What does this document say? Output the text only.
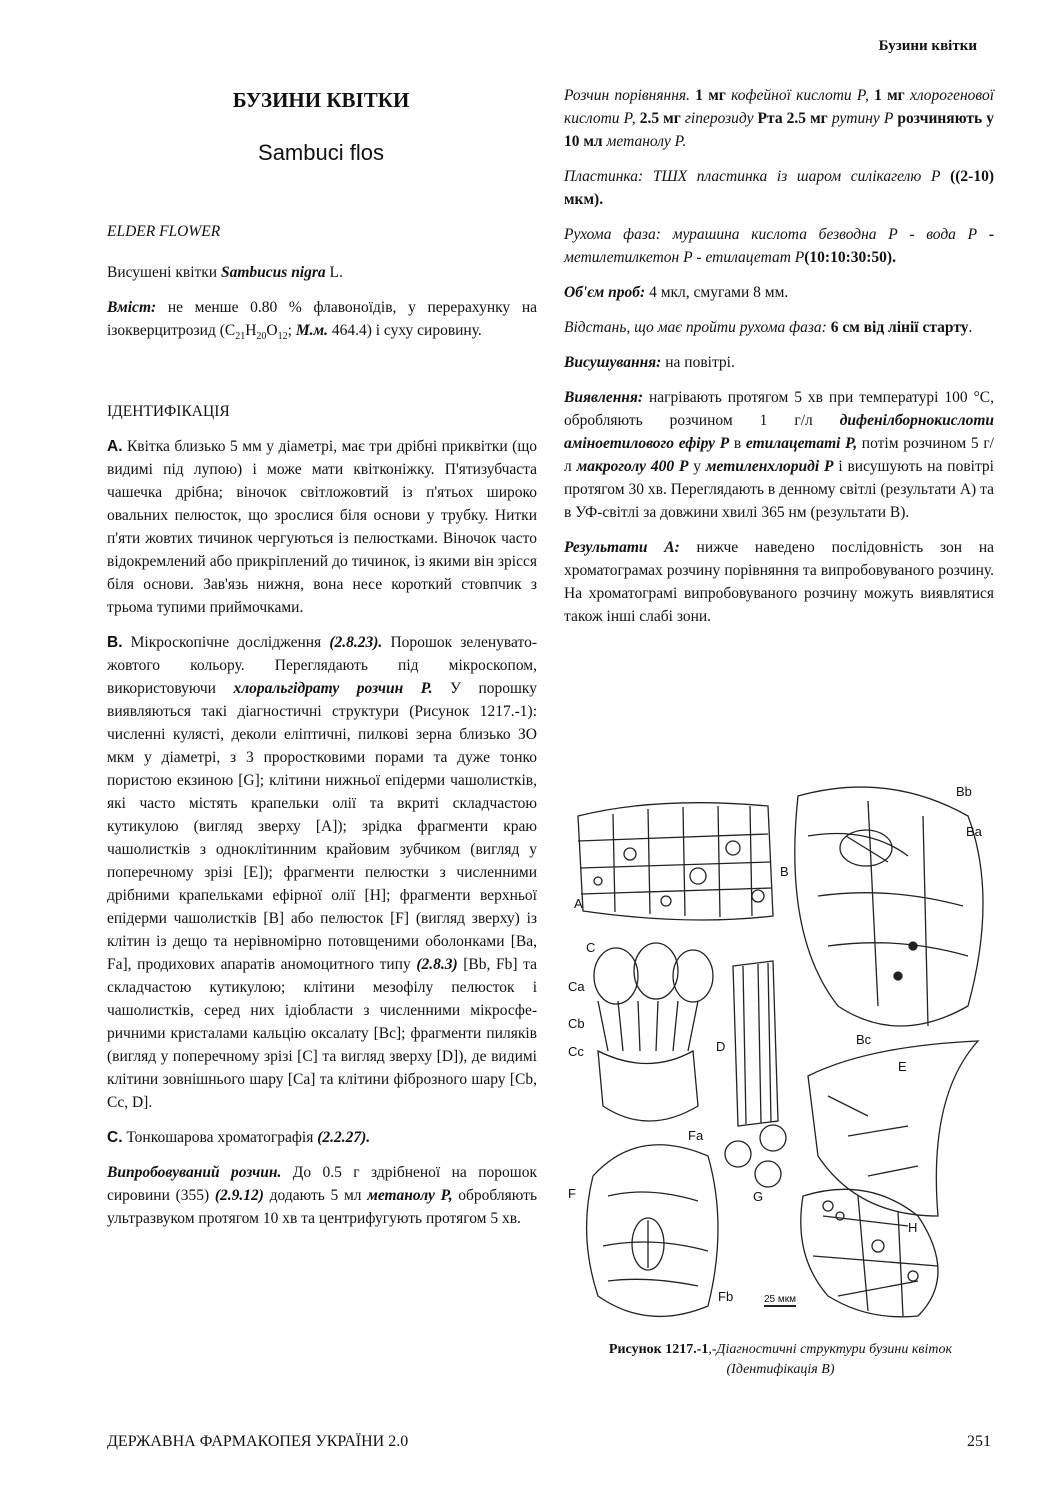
Бузини квітки
БУЗИНИ КВІТКИ
Sambuci flos

ELDER FLOWER

Висушені квітки Sambucus nigra L.

Вміст: не менше 0.80 % флавоноїдів, у перерахунку на ізокверцитрозид ($C_{21}H_{20}O_{12}$; М.м. 464.4) і суху сировину.

ІДЕНТИФІКАЦІЯ

А. Квітка близько 5 мм у діаметрі, має три дрібні приквітки (що видимі під лупою) і може мати квітконіжку. П'ятизубчаста чашечка дрібна; віночок світложовтий із п'ятьох широко овальних пелюсток, що зрослися біля основи у трубку. Нитки п'яти жовтих тичинок чергуються із пелюстками. Віночок часто відокремлений або прикріплений до тичинок, із якими він зрісся біля основи. Зав'язь нижня, вона несе короткий стовпчик з трьома тупими приймочками.

В. Мікроскопічне дослідження (2.8.23). Порошок зеленувато-жовтого кольору. Переглядають під мікроскопом, використовуючи хлоральгідрату розчин Р. У порошку виявляються такі діагностичні структури (Рисунок 1217.-1): численні кулясті, деколи еліптичні, пилкові зерна близько ЗО мкм у діаметрі, з 3 проростковими порами та дуже тонко пористою екзиною [G]; клітини нижньої епідерми чашолистків, які часто містять крапельки олії та вкриті складчастою кутикулою (вигляд зверху [А]); зрідка фрагменти краю чашолистків з одноклітинним крайовим зубчиком (вигляд у поперечному зрізі [Е]); фрагменти пелюстки з численними дрібними крапельками ефірної олії [Н]; фрагменти верхньої епідерми чашолистків [В] або пелюсток [F] (вигляд зверху) із клітин із дещо та нерівномірно потовщеними оболонками [Ва, Fa], продихових апаратів аномоцитного типу (2.8.3) [Bb, Fb] та складчастою кутикулою; клітини мезофілу пелюсток і чашолистків, серед них ідіобласти з численними мікросфе- ричними кристалами кальцію оксалату [Вс]; фрагменти пиляків (вигляд у поперечному зрізі [С] та вигляд зверху [D]), де видимі клітини зовнішнього шару [Са] та клітини фіброзного шару [Cb, Cc, D].

С. Тонкошарова хроматографія (2.2.27).

Випробовуваний розчин. До 0.5 г здрібненої на порошок сировини (355) (2.9.12) додають 5 мл метанолу Р, обробляють ультразвуком протягом 10 хв та центрифугують протягом 5 хв.

Розчин порівняння. 1 мг кофейної кислоти Р, 1 мг хлорогенової кислоти Р, 2.5 мг гіперозиду Рта 2.5 мг рутину Р розчиняють у 10 мл метанолу Р.

Пластинка: ТШХ пластинка із шаром силікагелю Р ((2-10) мкм).

Рухома фаза: мурашина кислота безводна Р - вода Р - метилетилкетон Р - етилацетат Р(10:10:30:50).

Об'єм проб: 4 мкл, смугами 8 мм.

Відстань, що має пройти рухома фаза: 6 см від лінії старту.

Висушування: на повітрі.

Виявлення: нагрівають протягом 5 хв при температурі 100 °С, обробляють розчином 1 г/л дифенілборнокислоти аміноетилового ефіру Р в етилацетаті Р, потім розчином 5 г/л макроголу 400 Р у метиленхлориді Р і висушують на повітрі протягом 30 хв. Переглядають в денному світлі (результати А) та в УФ-світлі за довжини хвилі 365 нм (результати В).

Результати А: нижче наведено послідовність зон на хроматограмах розчину порівняння та випробовуваного розчину. На хроматограмі випробовуваного розчину можуть виявлятися також інші слабі зони.

A
Bb
Ba
B
Bc
C
Ca
Cb
Cc	D
E
G
Fa
F
Fb
H
25 мкм
Рисунок 1217.-1,-Діагностичні структури бузини квіток
(Ідентифікація В)
ДЕРЖАВНА ФАРМАКОПЕЯ УКРАЇНИ 2.0	251
